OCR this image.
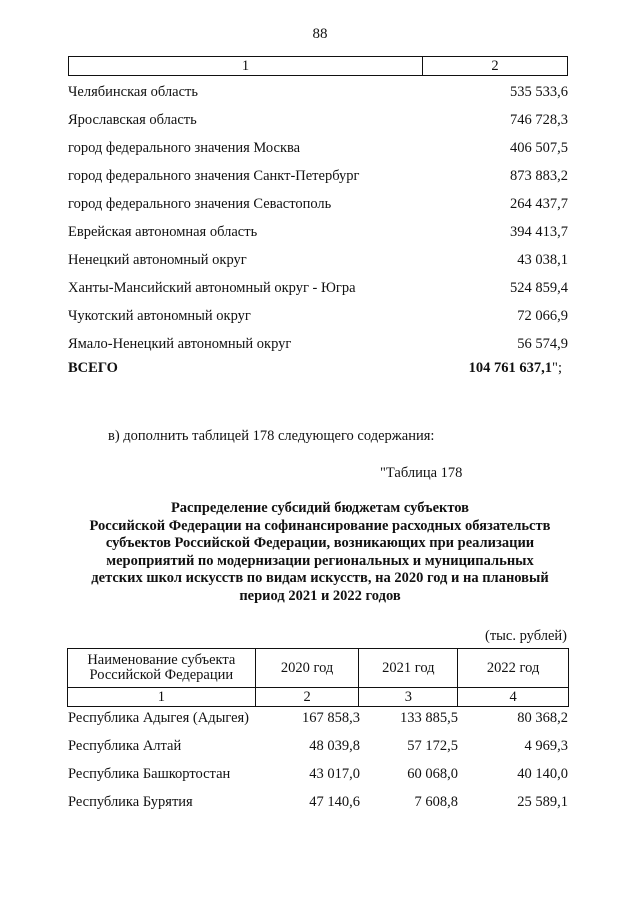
88
1	2
Челябинская область	535 533,6
Ярославская область	746 728,3
город федерального значения Москва	406 507,5
город федерального значения Санкт-Петербург	873 883,2
город федерального значения Севастополь	264 437,7
Еврейская автономная область	394 413,7
Ненецкий автономный округ	43 038,1
Ханты-Мансийский автономный округ - Югра	524 859,4
Чукотский автономный округ	72 066,9
Ямало-Ненецкий автономный округ	56 574,9
ВСЕГО	104 761 637,1";
в) дополнить таблицей 178 следующего содержания:
"Таблица 178
Распределение субсидий бюджетам субъектов
Российской Федерации на софинансирование расходных обязательств
субъектов Российской Федерации, возникающих при реализации
мероприятий по модернизации региональных и муниципальных
детских школ искусств по видам искусств, на 2020 год и на плановый
период 2021 и 2022 годов
(тыс. рублей)
Наименование субъекта Российской Федерации	2020 год	2021 год	2022 год
1	2	3	4
Республика Адыгея (Адыгея)	167 858,3	133 885,5	80 368,2
Республика Алтай	48 039,8	57 172,5	4 969,3
Республика Башкортостан	43 017,0	60 068,0	40 140,0
Республика Бурятия	47 140,6	7 608,8	25 589,1
